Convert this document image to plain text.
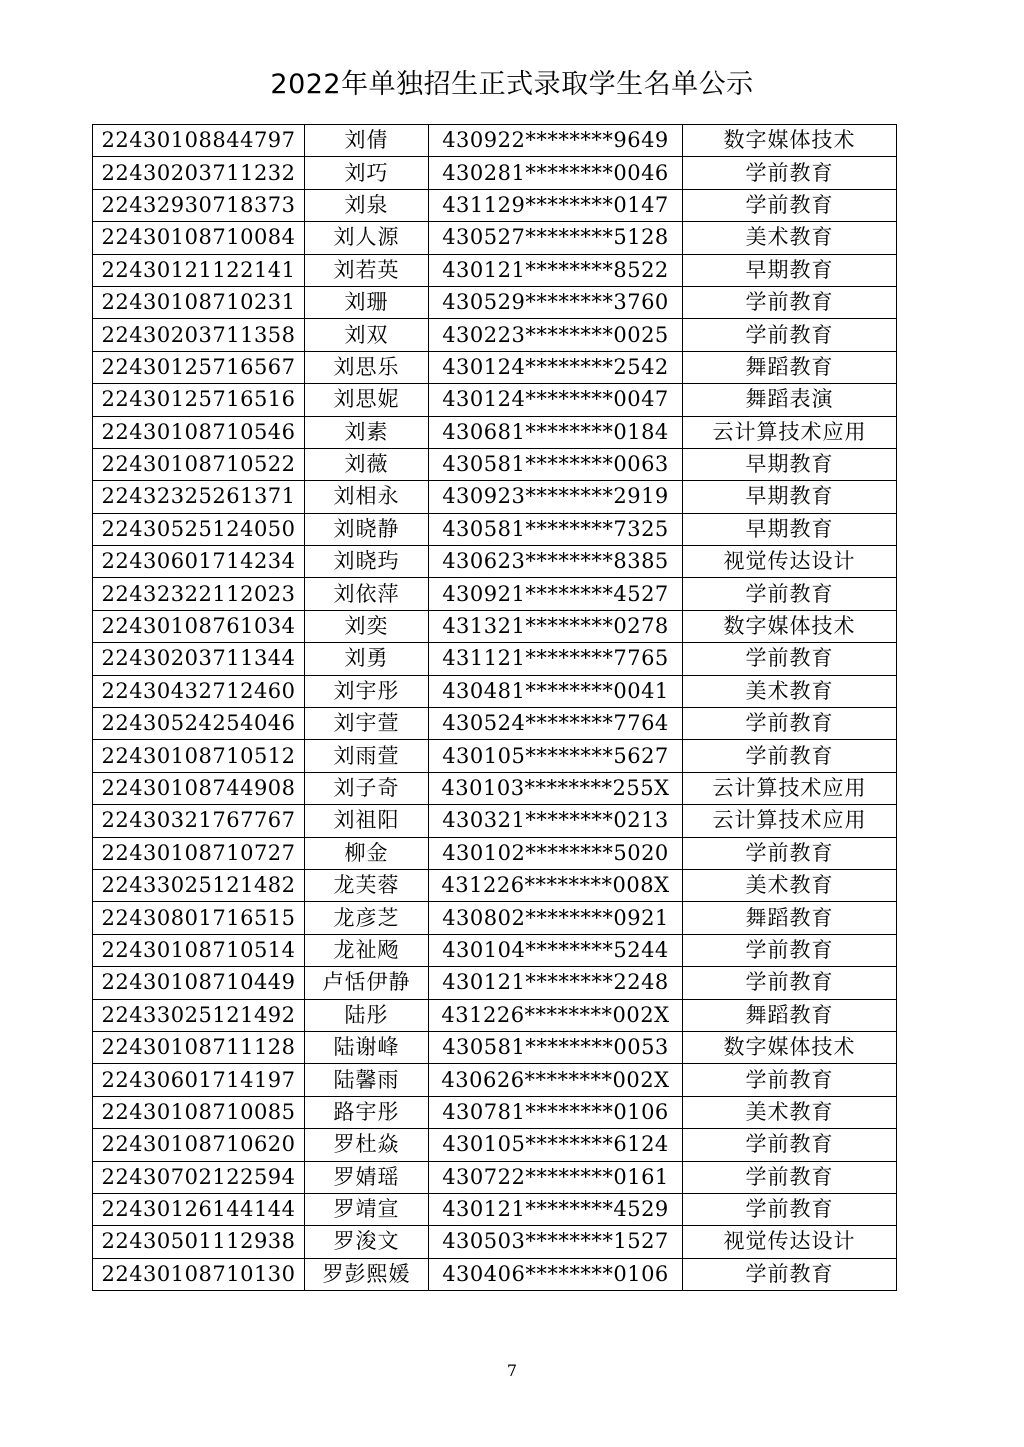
2022年单独招生正式录取学生名单公示
22430108844797	刘倩	430922********9649	数字媒体技术
22430203711232	刘巧	430281********0046	学前教育
22432930718373	刘泉	431129********0147	学前教育
22430108710084	刘人源	430527********5128	美术教育
22430121122141	刘若英	430121********8522	早期教育
22430108710231	刘珊	430529********3760	学前教育
22430203711358	刘双	430223********0025	学前教育
22430125716567	刘思乐	430124********2542	舞蹈教育
22430125716516	刘思妮	430124********0047	舞蹈表演
22430108710546	刘素	430681********0184	云计算技术应用
22430108710522	刘薇	430581********0063	早期教育
22432325261371	刘相永	430923********2919	早期教育
22430525124050	刘晓静	430581********7325	早期教育
22430601714234	刘晓玙	430623********8385	视觉传达设计
22432322112023	刘依萍	430921********4527	学前教育
22430108761034	刘奕	431321********0278	数字媒体技术
22430203711344	刘勇	431121********7765	学前教育
22430432712460	刘宇彤	430481********0041	美术教育
22430524254046	刘宇萱	430524********7764	学前教育
22430108710512	刘雨萱	430105********5627	学前教育
22430108744908	刘子奇	430103********255X	云计算技术应用
22430321767767	刘祖阳	430321********0213	云计算技术应用
22430108710727	柳金	430102********5020	学前教育
22433025121482	龙芙蓉	431226********008X	美术教育
22430801716515	龙彦芝	430802********0921	舞蹈教育
22430108710514	龙祉飏	430104********5244	学前教育
22430108710449	卢恬伊静	430121********2248	学前教育
22433025121492	陆彤	431226********002X	舞蹈教育
22430108711128	陆谢峰	430581********0053	数字媒体技术
22430601714197	陆馨雨	430626********002X	学前教育
22430108710085	路宇彤	430781********0106	美术教育
22430108710620	罗杜焱	430105********6124	学前教育
22430702122594	罗婧瑶	430722********0161	学前教育
22430126144144	罗靖宣	430121********4529	学前教育
22430501112938	罗浚文	430503********1527	视觉传达设计
22430108710130	罗彭熙媛	430406********0106	学前教育
7
